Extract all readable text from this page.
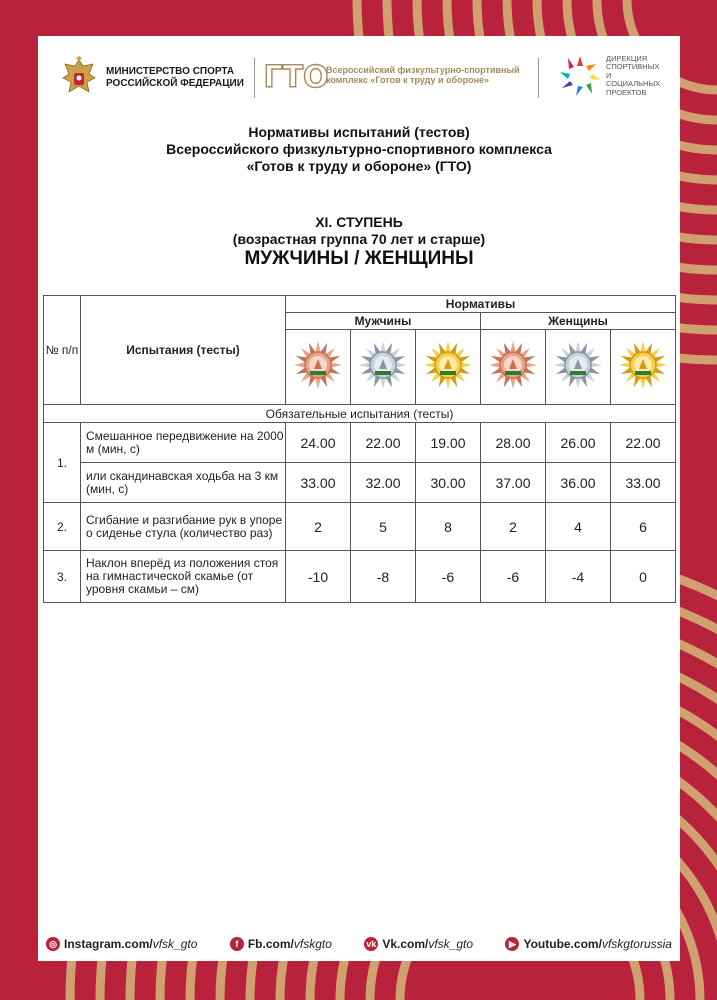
МИНИСТЕРСТВО СПОРТА РОССИЙСКОЙ ФЕДЕРАЦИИ ГТО
Всероссийский физкультурно-спортивный комплекс «Готов к труду и обороне»
ДИРЕКЦИЯ СПОРТИВНЫХ И СОЦИАЛЬНЫХ ПРОЕКТОВ
Нормативы испытаний (тестов)
Всероссийского физкультурно-спортивного комплекса
«Готов к труду и обороне» (ГТО)
XI. СТУПЕНЬ
(возрастная группа 70 лет и старше)
МУЖЧИНЫ / ЖЕНЩИНЫ
№ п/п	Испытания (тесты)	Нормативы					
		Мужчины			Женщины		

Обязательные испытания (тесты)							
1.	Смешанное передвижение на 2000 м (мин, с)	24.00	22.00	19.00	28.00	26.00	22.00
	или скандинавская ходьба на 3 км (мин, с)	33.00	32.00	30.00	37.00	36.00	33.00
2.	Сгибание и разгибание рук в упоре о сиденье стула (количество раз)	2	5	8	2	4	6
3.	Наклон вперёд из положения стоя на гимнастической скамье (от уровня скамьи – см)	-10	-8	-6	-6	-4	0
◎ Instagram.com/ vfsk_gto	f Fb.com/ vfskgto	vk Vk.com/ vfsk_gto	▶ Youtube.com/ vfskgtorussia
